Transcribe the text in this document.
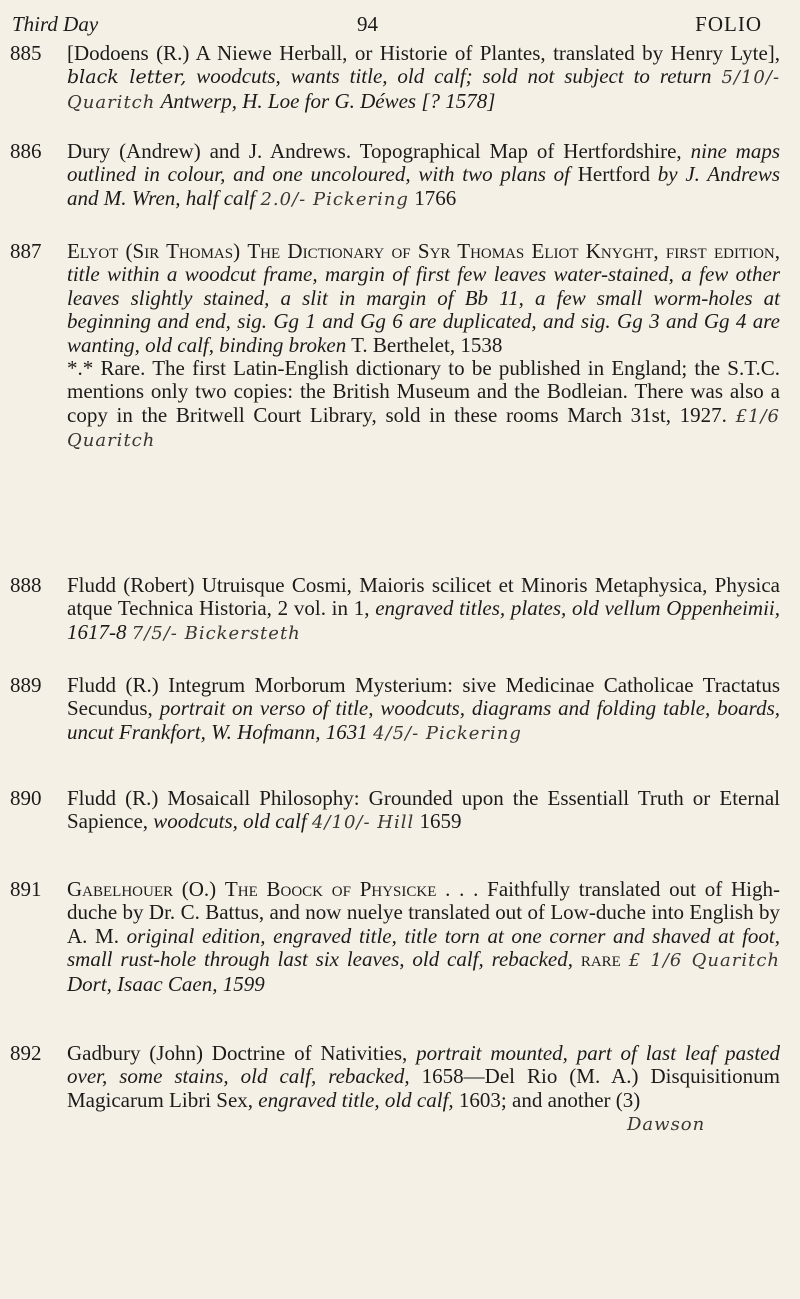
Third Day	94	FOLIO
885	[Dodoens (R.) A Niewe Herball, or Historie of Plantes, translated by Henry Lyte], black letter, woodcuts, wants title, old calf; sold not subject to return 5/10/- Quaritch Antwerp, H. Loe for G. Déwes [? 1578]
886	Dury (Andrew) and J. Andrews. Topographical Map of Hertfordshire, nine maps outlined in colour, and one uncoloured, with two plans of Hertford by J. Andrews and M. Wren, half calf 2.0/- Pickering 1766
887	Elyot (Sir Thomas) The Dictionary of Syr Thomas Eliot Knyght, first edition, title within a woodcut frame, margin of first few leaves water-stained, a few other leaves slightly stained, a slit in margin of Bb 11, a few small worm-holes at beginning and end, sig. Gg 1 and Gg 6 are duplicated, and sig. Gg 3 and Gg 4 are wanting, old calf, binding broken T. Berthelet, 1538
*.* Rare. The first Latin-English dictionary to be published in England; the S.T.C. mentions only two copies: the British Museum and the Bodleian. There was also a copy in the Britwell Court Library, sold in these rooms March 31st, 1927. £1/6 Quaritch
888	Fludd (Robert) Utruisque Cosmi, Maioris scilicet et Minoris Metaphysica, Physica atque Technica Historia, 2 vol. in 1, engraved titles, plates, old vellum Oppenheimii, 1617-8 7/5/- Bickersteth
889	Fludd (R.) Integrum Morborum Mysterium: sive Medicinae Catholicae Tractatus Secundus, portrait on verso of title, woodcuts, diagrams and folding table, boards, uncut Frankfort, W. Hofmann, 1631 4/5/- Pickering
890	Fludd (R.) Mosaicall Philosophy: Grounded upon the Essentiall Truth or Eternal Sapience, woodcuts, old calf 4/10/- Hill 1659
891	Gabelhouer (O.) The Boock of Physicke . . . Faithfully translated out of High-duche by Dr. C. Battus, and now nuelye translated out of Low-duche into English by A. M. original edition, engraved title, title torn at one corner and shaved at foot, small rust-hole through last six leaves, old calf, rebacked, rare £ 1/6 Quaritch Dort, Isaac Caen, 1599
892	Gadbury (John) Doctrine of Nativities, portrait mounted, part of last leaf pasted over, some stains, old calf, rebacked, 1658—Del Rio (M. A.) Disquisitionum Magicarum Libri Sex, engraved title, old calf, 1603; and another (3)
Dawson
